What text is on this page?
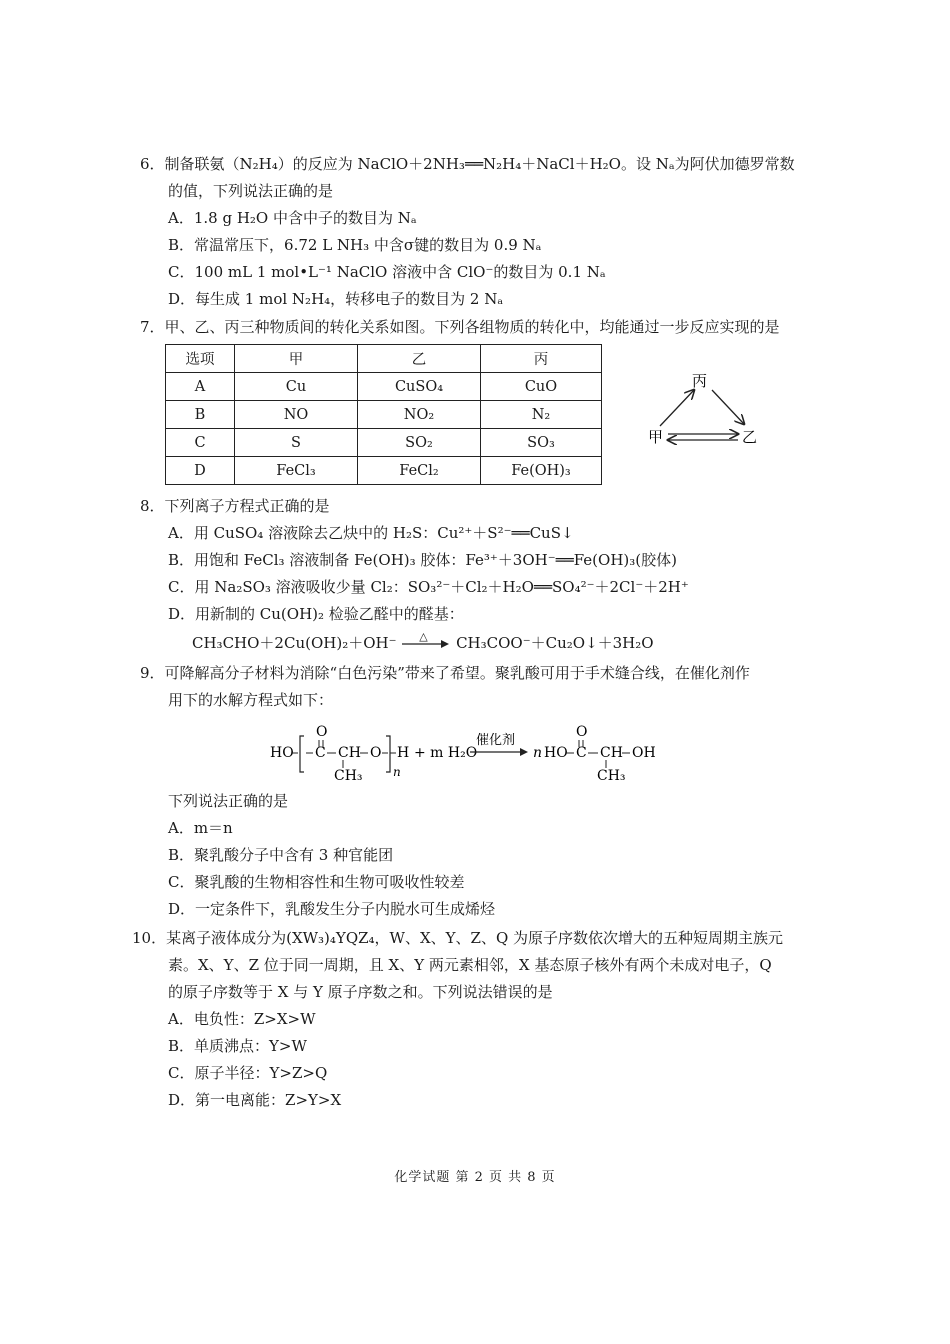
6．制备联氨（N₂H₄）的反应为 NaClO＋2NH₃══N₂H₄＋NaCl＋H₂O。设 Nₐ为阿伏加德罗常数
的值，下列说法正确的是
A．1.8 g H₂O 中含中子的数目为 Nₐ
B．常温常压下，6.72 L NH₃ 中含σ键的数目为 0.9 Nₐ
C．100 mL 1 mol•L⁻¹ NaClO 溶液中含 ClO⁻的数目为 0.1 Nₐ
D．每生成 1 mol N₂H₄，转移电子的数目为 2 Nₐ
7．甲、乙、丙三种物质间的转化关系如图。下列各组物质的转化中，均能通过一步反应实现的是
选项	甲	乙	丙
A	Cu	CuSO₄	CuO
B	NO	NO₂	N₂
C	S	SO₂	SO₃
D	FeCl₃	FeCl₂	Fe(OH)₃
丙
甲	乙
8．下列离子方程式正确的是
A．用 CuSO₄ 溶液除去乙炔中的 H₂S：Cu²⁺＋S²⁻══CuS↓
B．用饱和 FeCl₃ 溶液制备 Fe(OH)₃ 胶体：Fe³⁺＋3OH⁻══Fe(OH)₃(胶体)
C．用 Na₂SO₃ 溶液吸收少量 Cl₂：SO₃²⁻＋Cl₂＋H₂O══SO₄²⁻＋2Cl⁻＋2H⁺
D．用新制的 Cu(OH)₂ 检验乙醛中的醛基：
CH₃CHO＋2Cu(OH)₂＋OH⁻ △ CH₃COO⁻＋Cu₂O↓＋3H₂O
9．可降解高分子材料为消除“白色污染”带来了希望。聚乳酸可用于手术缝合线，在催化剂作
用下的水解方程式如下：
HO
O
C CH
CH₃
O
n
H + m H₂O
催化剂
n HO
O
C CH
CH₃
OH
下列说法正确的是
A．m＝n
B．聚乳酸分子中含有 3 种官能团
C．聚乳酸的生物相容性和生物可吸收性较差
D．一定条件下，乳酸发生分子内脱水可生成烯烃
10．某离子液体成分为(XW₃)₄YQZ₄，W、X、Y、Z、Q 为原子序数依次增大的五种短周期主族元
素。X、Y、Z 位于同一周期，且 X、Y 两元素相邻，X 基态原子核外有两个未成对电子，Q
的原子序数等于 X 与 Y 原子序数之和。下列说法错误的是
A．电负性：Z>X>W
B．单质沸点：Y>W
C．原子半径：Y>Z>Q
D．第一电离能：Z>Y>X
化学试题 第 2 页 共 8 页
